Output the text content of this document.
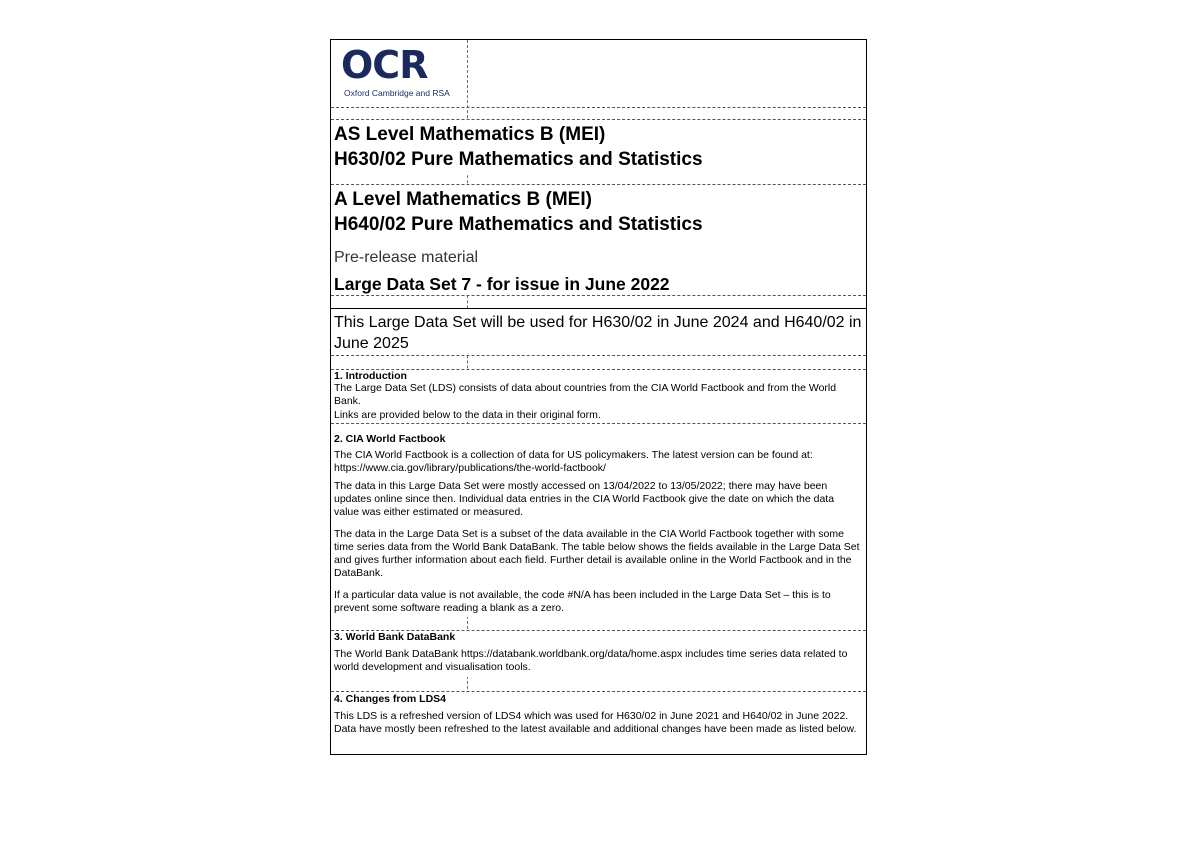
OCR
Oxford Cambridge and RSA
AS Level Mathematics B (MEI)
H630/02 Pure Mathematics and Statistics
A Level Mathematics B (MEI)
H640/02 Pure Mathematics and Statistics
Pre-release material
Large Data Set 7 - for issue in June 2022
This Large Data Set will be used for H630/02 in June 2024 and H640/02 in June 2025
1. Introduction
The Large Data Set (LDS) consists of data about countries from the CIA World Factbook and from the World Bank.
Links are provided below to the data in their original form.
2. CIA World Factbook
The CIA World Factbook is a collection of data for US policymakers. The latest version can be found at: https://www.cia.gov/library/publications/the-world-factbook/
The data in this Large Data Set were mostly accessed on 13/04/2022 to 13/05/2022; there may have been updates online since then. Individual data entries in the CIA World Factbook give the date on which the data value was either estimated or measured.
The data in the Large Data Set is a subset of the data available in the CIA World Factbook together with some time series data from the World Bank DataBank. The table below shows the fields available in the Large Data Set and gives further information about each field. Further detail is available online in the World Factbook and in the DataBank.
If a particular data value is not available, the code #N/A has been included in the Large Data Set – this is to prevent some software reading a blank as a zero.
3. World Bank DataBank
The World Bank DataBank https://databank.worldbank.org/data/home.aspx includes time series data related to world development and visualisation tools.
4. Changes from LDS4
This LDS is a refreshed version of LDS4 which was used for H630/02 in June 2021 and H640/02 in June 2022. Data have mostly been refreshed to the latest available and additional changes have been made as listed below.
